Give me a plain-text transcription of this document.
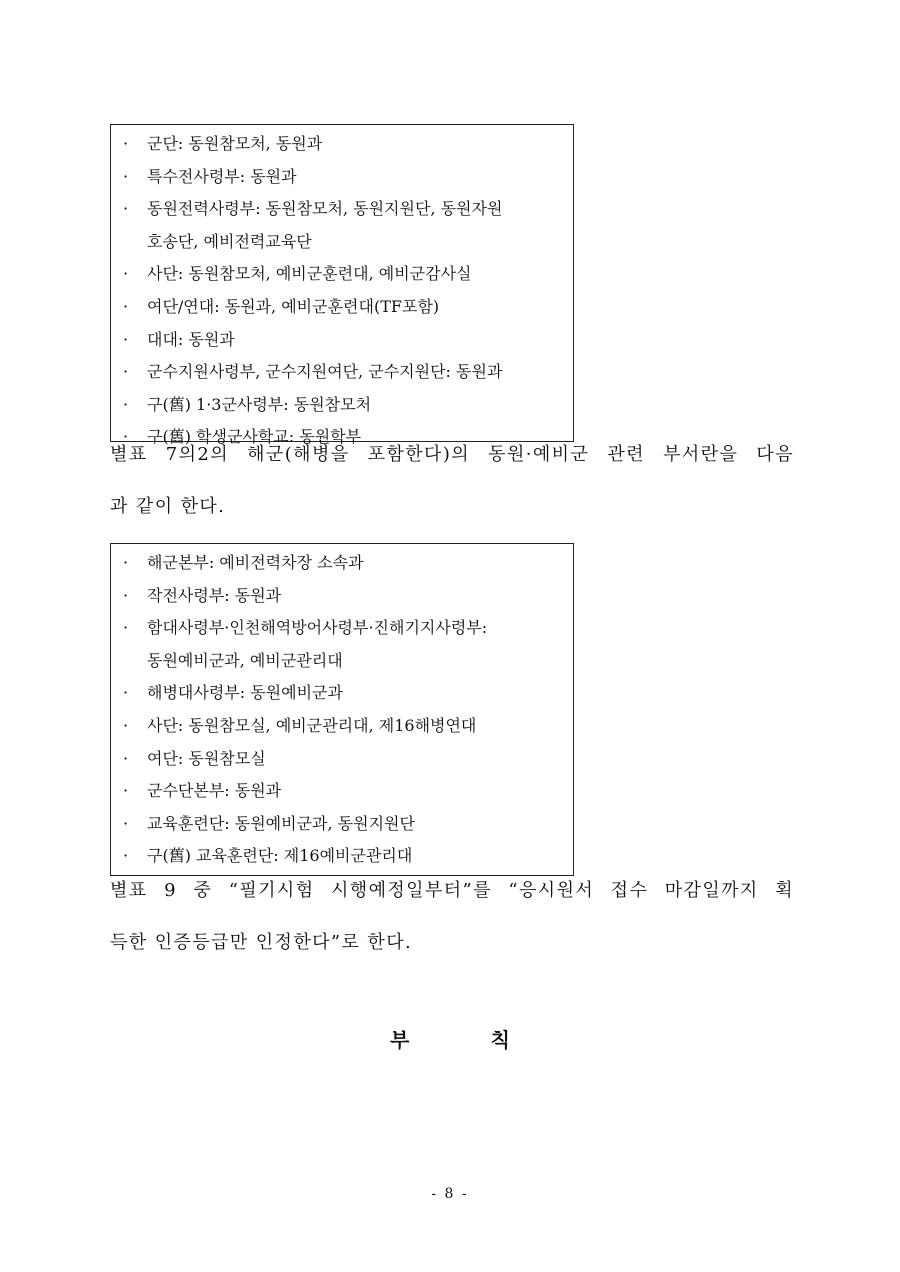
·	군단: 동원참모처, 동원과
·	특수전사령부: 동원과
·	동원전력사령부: 동원참모처, 동원지원단, 동원자원
호송단, 예비전력교육단
·	사단: 동원참모처, 예비군훈련대, 예비군감사실
·	여단/연대: 동원과, 예비군훈련대(TF포함)
·	대대: 동원과
·	군수지원사령부, 군수지원여단, 군수지원단: 동원과
·	구(舊) 1·3군사령부: 동원참모처
·	구(舊) 학생군사학교: 동원학부
별표 7의2의 해군(해병을 포함한다)의 동원·예비군 관련 부서란을 다음
과 같이 한다.
·	해군본부: 예비전력차장 소속과
·	작전사령부: 동원과
·	함대사령부·인천해역방어사령부·진해기지사령부:
동원예비군과, 예비군관리대
·	해병대사령부: 동원예비군과
·	사단: 동원참모실, 예비군관리대, 제16해병연대
·	여단: 동원참모실
·	군수단본부: 동원과
·	교육훈련단: 동원예비군과, 동원지원단
·	구(舊) 교육훈련단: 제16예비군관리대
별표 9 중 “필기시험 시행예정일부터”를 “응시원서 접수 마감일까지 획
득한 인증등급만 인정한다”로 한다.
부	칙
- 8 -
